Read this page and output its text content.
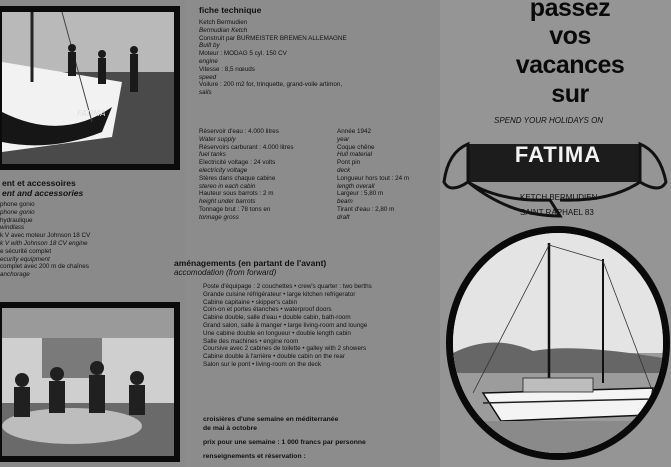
FATIMA
ent et accessoires
ent and accessories
phone gonio
phone gonio
hydraulique
windlass
k V avec moteur Johnson 18 CV
k V with Johnson 18 CV engine
e sécurité complet
ecurity equipment
complet avec 200 m de chaînes
anchorage
fiche technique
Ketch Bermudien
Bermudian Ketch
Construit par BURMEISTER BREMEN ALLEMAGNE
Built by
Moteur : MODAG 5 cyl. 150 CV
engine
Vitesse : 8,5 nœuds
speed
Voilure : 200 m2 for, trinquette, grand-voile artimon,
sails
Réservoir d'eau : 4.000 litres
Water supply
Réservoirs carburant : 4.000 litres
fuel tanks
Electricité voltage : 24 volts
electricity voltage
Stères dans chaque cabine
stereo in each cabin
Hauteur sous barrots : 2 m
height under barrots
Tonnage brut : 78 tons en
tonnage gross
Année 1942
year
Coque chêne
Hull material
Pont pin
deck
Longueur hors tout : 24 m
length overall
Largeur : 5,80 m
beam
Tirant d'eau : 2,80 m
draft
aménagements (en partant de l'avant)
accomodation (from forward)
Poste d'équipage : 2 couchettes • crew's quarter : two berths
Grande cuisine réfrigérateur • large kitchen refrigerator
Cabine capitaine • skipper's cabin
Coin-on et portes étanches • waterproof doors
Cabine double, salle d'eau • double cabin, bath-room
Grand salon, salle à manger • large living-room and lounge
Une cabine double en longueur • double length cabin
Salle des machines • engine room
Coursive avec 2 cabines de toilette • galley with 2 showers
Cabine double à l'arrière • double cabin on the rear
Salon sur le pont • living-room on the deck
croisières d'une semaine en méditerranée
de mai à octobre
prix pour une semaine : 1 000 francs par personne
renseignements et réservation :
passez
vos
vacances
sur
SPEND YOUR HOLIDAYS ON
FATIMA
KETCH BERMUDIEN
SAINT RAPHAEL 83
